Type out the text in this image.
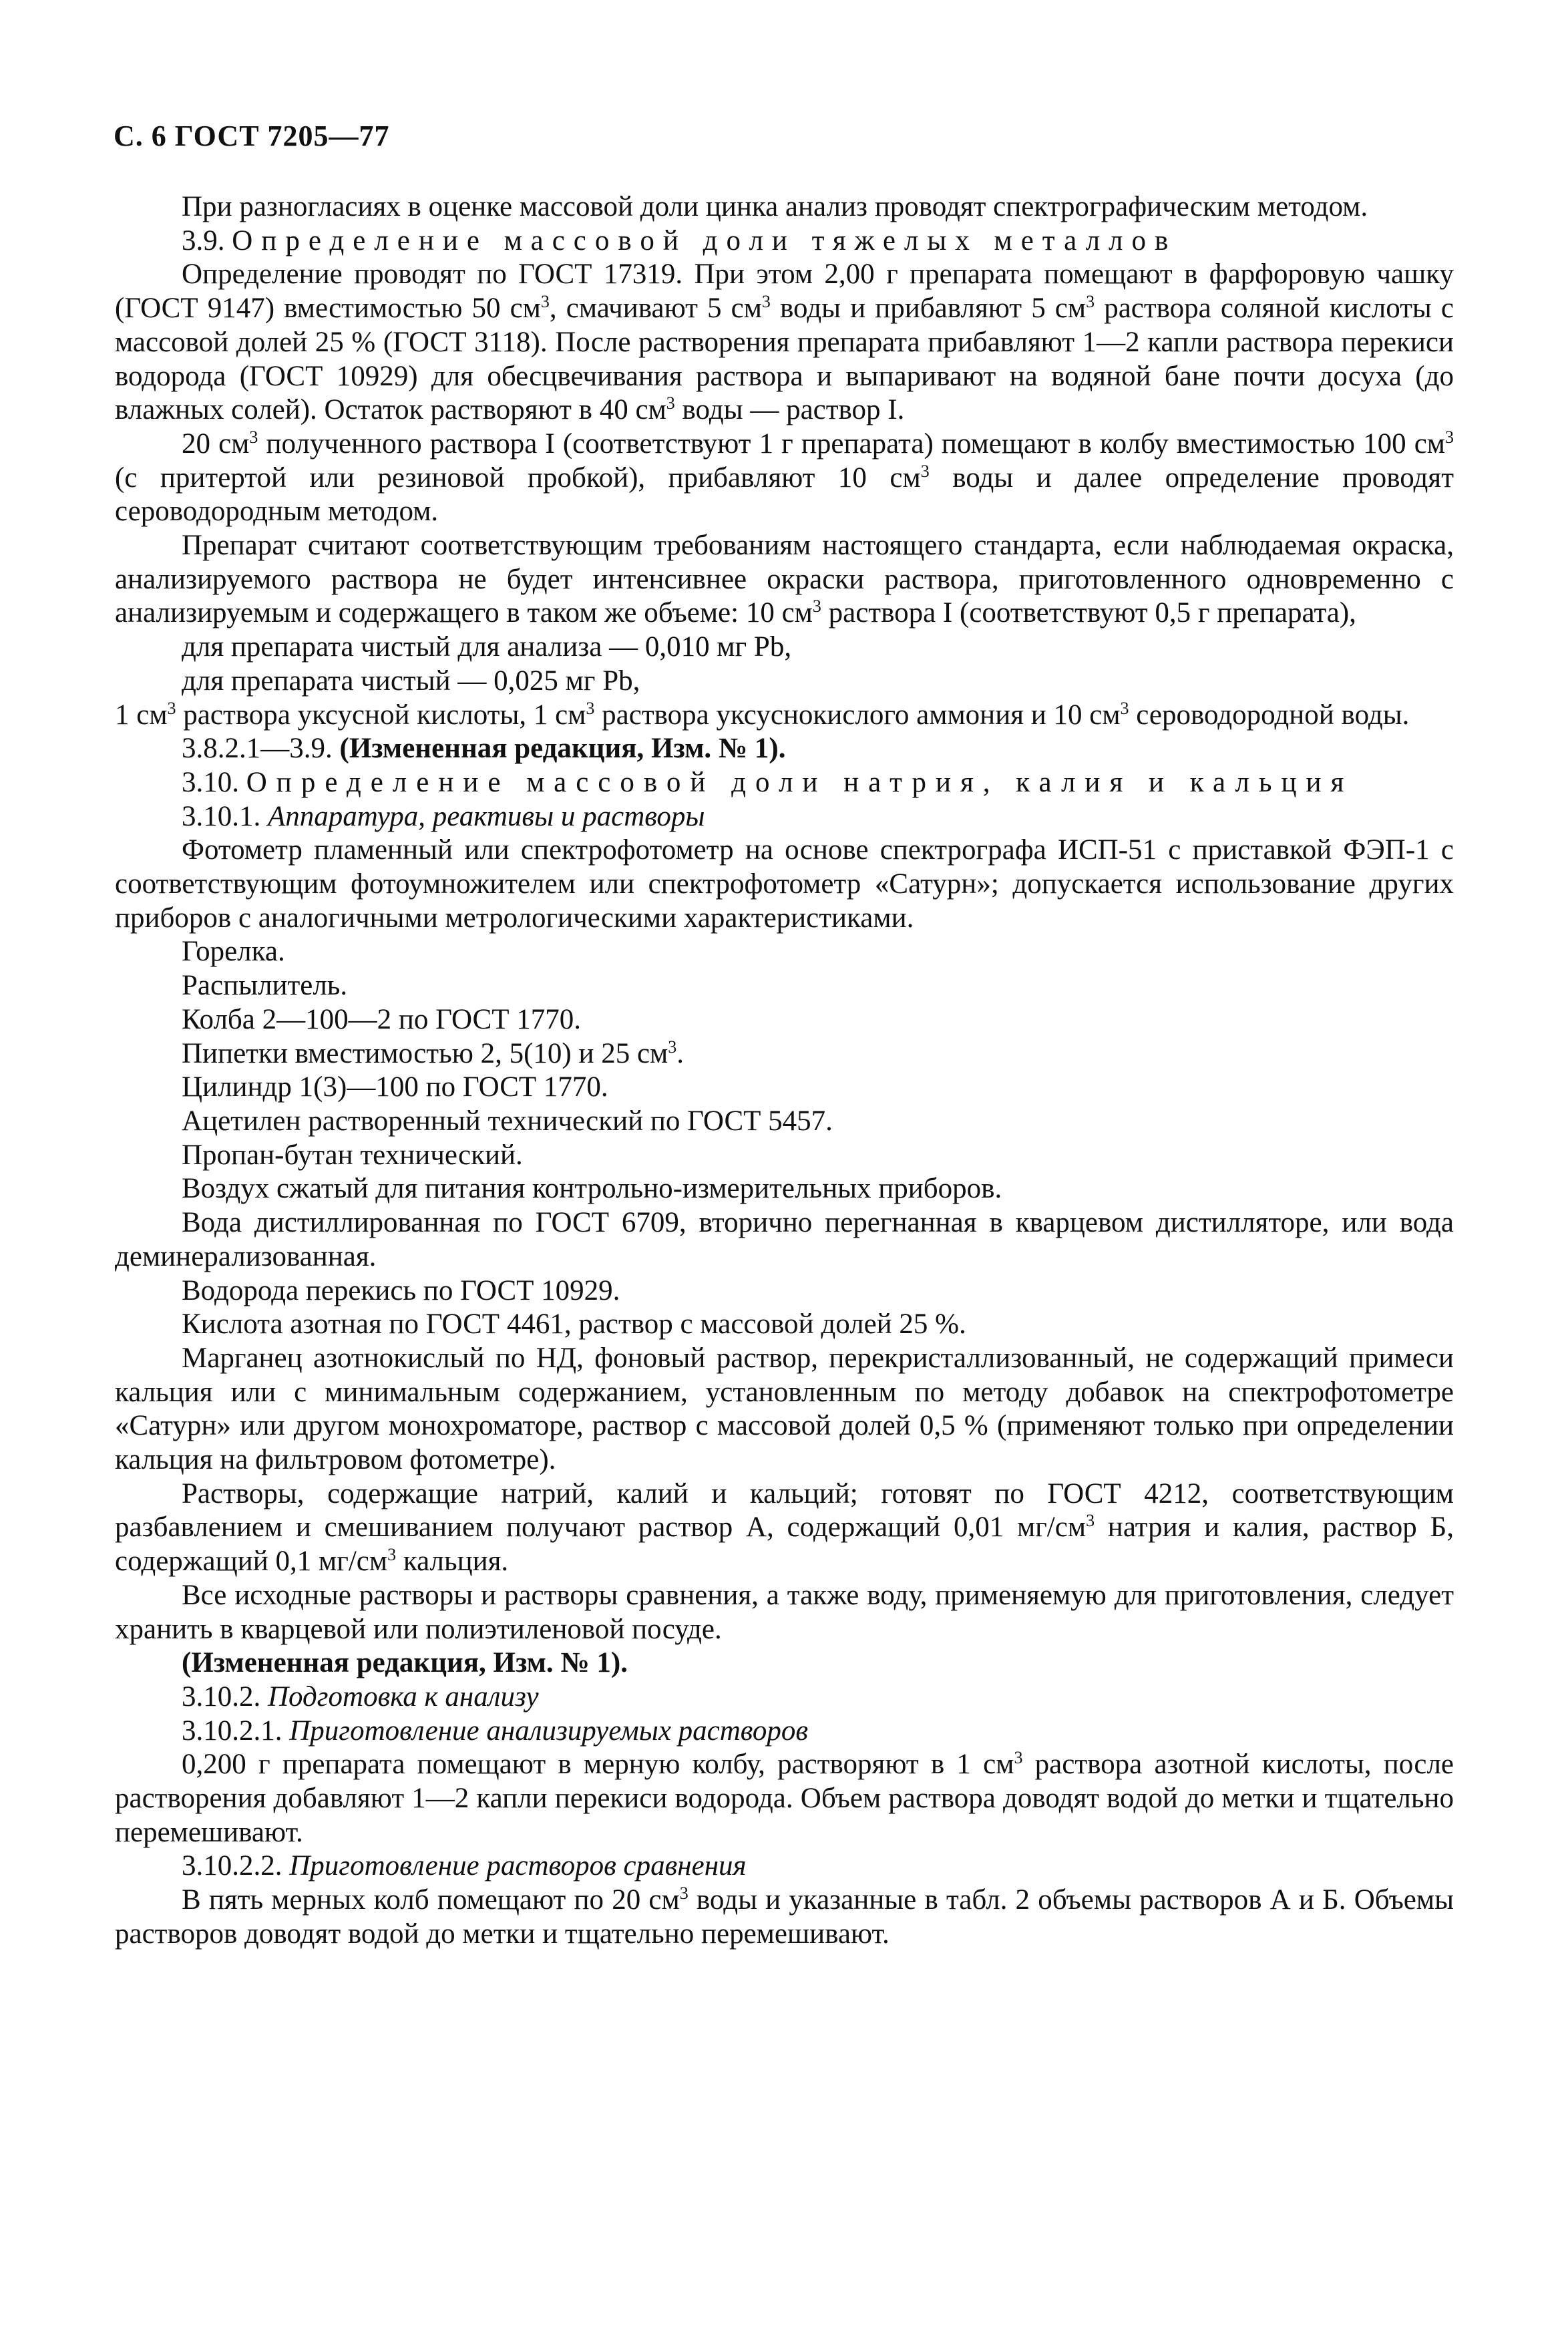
С. 6 ГОСТ 7205—77

При разногласиях в оценке массовой доли цинка анализ проводят спектрографическим методом.

3.9. Определение массовой доли тяжелых металлов

Определение проводят по ГОСТ 17319. При этом 2,00 г препарата помещают в фарфоровую чашку (ГОСТ 9147) вместимостью 50 $см^3$, смачивают 5 $см^3$ воды и прибавляют 5 $см^3$ раствора соляной кислоты с массовой долей 25 % (ГОСТ 3118). После растворения препарата прибавляют 1—2 капли раствора перекиси водорода (ГОСТ 10929) для обесцвечивания раствора и выпаривают на водяной бане почти досуха (до влажных солей). Остаток растворяют в 40 $см^3$ воды — раствор I.

20 $см^3$ полученного раствора I (соответствуют 1 г препарата) помещают в колбу вместимостью 100 $см^3$ (с притертой или резиновой пробкой), прибавляют 10 $см^3$ воды и далее определение проводят сероводородным методом.

Препарат считают соответствующим требованиям настоящего стандарта, если наблюдаемая окраска, анализируемого раствора не будет интенсивнее окраски раствора, приготовленного одновременно с анализируемым и содержащего в таком же объеме: 10 $см^3$ раствора I (соответствуют 0,5 г препарата),

для препарата чистый для анализа — 0,010 мг Pb,

для препарата чистый — 0,025 мг Pb,

1 $см^3$ раствора уксусной кислоты, 1 $см^3$ раствора уксуснокислого аммония и 10 $см^3$ сероводородной воды.

3.8.2.1—3.9. (Измененная редакция, Изм. № 1).

3.10. Определение массовой доли натрия, калия и кальция

3.10.1. Аппаратура, реактивы и растворы

Фотометр пламенный или спектрофотометр на основе спектрографа ИСП-51 с приставкой ФЭП-1 с соответствующим фотоумножителем или спектрофотометр «Сатурн»; допускается использование других приборов с аналогичными метрологическими характеристиками.

Горелка.

Распылитель.

Колба 2—100—2 по ГОСТ 1770.

Пипетки вместимостью 2, 5(10) и 25 $см^3$.

Цилиндр 1(3)—100 по ГОСТ 1770.

Ацетилен растворенный технический по ГОСТ 5457.

Пропан-бутан технический.

Воздух сжатый для питания контрольно-измерительных приборов.

Вода дистиллированная по ГОСТ 6709, вторично перегнанная в кварцевом дистилляторе, или вода деминерализованная.

Водорода перекись по ГОСТ 10929.

Кислота азотная по ГОСТ 4461, раствор с массовой долей 25 %.

Марганец азотнокислый по НД, фоновый раствор, перекристаллизованный, не содержащий примеси кальция или с минимальным содержанием, установленным по методу добавок на спектрофотометре «Сатурн» или другом монохроматоре, раствор с массовой долей 0,5 % (применяют только при определении кальция на фильтровом фотометре).

Растворы, содержащие натрий, калий и кальций; готовят по ГОСТ 4212, соответствующим разбавлением и смешиванием получают раствор А, содержащий 0,01 $мг/см^3$ натрия и калия, раствор Б, содержащий 0,1 $мг/см^3$ кальция.

Все исходные растворы и растворы сравнения, а также воду, применяемую для приготовления, следует хранить в кварцевой или полиэтиленовой посуде.

(Измененная редакция, Изм. № 1).

3.10.2. Подготовка к анализу

3.10.2.1. Приготовление анализируемых растворов

0,200 г препарата помещают в мерную колбу, растворяют в 1 $см^3$ раствора азотной кислоты, после растворения добавляют 1—2 капли перекиси водорода. Объем раствора доводят водой до метки и тщательно перемешивают.

3.10.2.2. Приготовление растворов сравнения

В пять мерных колб помещают по 20 $см^3$ воды и указанные в табл. 2 объемы растворов А и Б. Объемы растворов доводят водой до метки и тщательно перемешивают.
